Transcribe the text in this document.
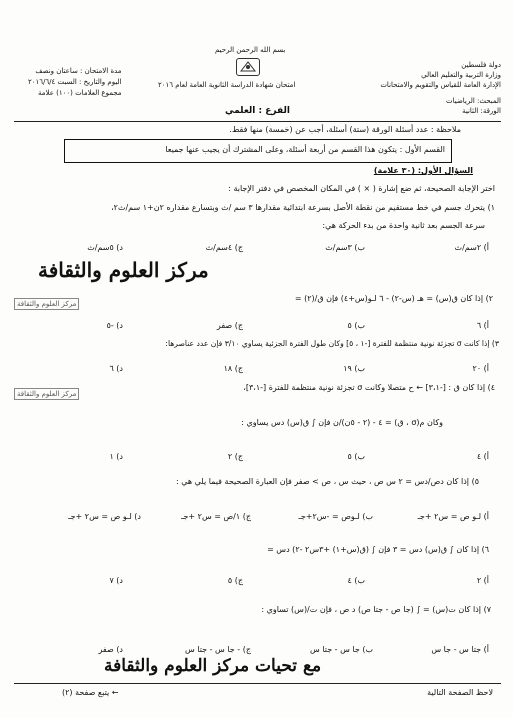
بسم الله الرحمن الرحيم
دولة فلسطين
وزارة التربية والتعليم العالي
الإدارة العامة للقياس والتقويم والامتحانات
المبحث: الرياضيات
الورقة: الثانية
امتحان شهادة الدراسة الثانوية العامة لعام ٢٠١٦
الفرع : العلمي
مدة الامتحان : ساعتان ونصف
اليوم والتاريخ : السبت ٢٠١٦/٦/٤
مجموع العلامات (١٠٠) علامة
ملاحظة : عدد أسئلة الورقة (ستة) أسئلة، أجب عن (خمسة) منها فقط.
القسم الأول : يتكون هذا القسم من أربعة أسئلة، وعلى المشترك أن يجيب عنها جميعا
السؤال الأول: (٣٠ علامة)
اختر الإجابة الصحيحة، ثم ضع إشارة ( × ) في المكان المخصص في دفتر الإجابة :
١) يتحرك جسم في خط مستقيم من نقطة الأصل بسرعة ابتدائية مقدارها ٣ سم /ث وبتسارع مقداره ٢ن+١ سم/ث٢،
سرعة الجسم بعد ثانية واحدة من بدء الحركة هي:
أ) ٢سم/ث
ب) ٣سم/ث
ج) ٤سم/ث
د) ٥سم/ث
مركز العلوم والثقافة
٢) إذا كان ق(س) = هـ (س-٢) - ٦ لـو(س+٤) فإن ق/(٢) =
أ) ٦
ب) ٥
ج) صفر
د) -٥
٣) إذا كانت σ تجزئة نونية منتظمة للفترة [-١ ، ٥] وكان طول الفترة الجزئية يساوي ٣/١٠ فإن عدد عناصرها:
أ) ٢٠
ب) ١٩
ج) ١٨
د) ٦
مركز العلوم والثقافة
مركز العلوم والثقافة
٤) إذا كان ق : [-٣،١] ← ح متصلا وكانت σ تجزئة نونية منتظمة للفترة [-٣،١]،
وكان م(σ ، ق) = ٤ - (٢ - ٥ن)/ن فإن ∫ ق(س) دس يساوي :
أ) ٤
ب) ٥
ج) ٢
د) ١
٥) إذا كان دص/دس = ٢ س ص ، حيث س ، ص > صفر فإن العبارة الصحيحة فيما يلي هي :
أ) لـو ص = س٢ +جـ
ب) لـوص = -س٢+جـ
ج) ١/ص = س٢ +جـ
د) لـو ص = س٢ +جـ
٦) إذا كان ∫ ق(س) دس = ٣ فإن ∫ (ق(س+١) +٣س٢ -٢) دس =
أ) ٢
ب) ٤
ج) ٥
د) ٧
٧) إذا كان ت(س) = ∫ (جا ص - جتا ص) د ص ، فإن ت/(س) تساوي :
أ) جتا س - جا س
ب) جا س - جتا س
ج) - جا س - جتا س
د) صفر
مع تحيات مركز العلوم والثقافة
← يتبع صفحة (٢)	لاحظ الصفحة التالية
